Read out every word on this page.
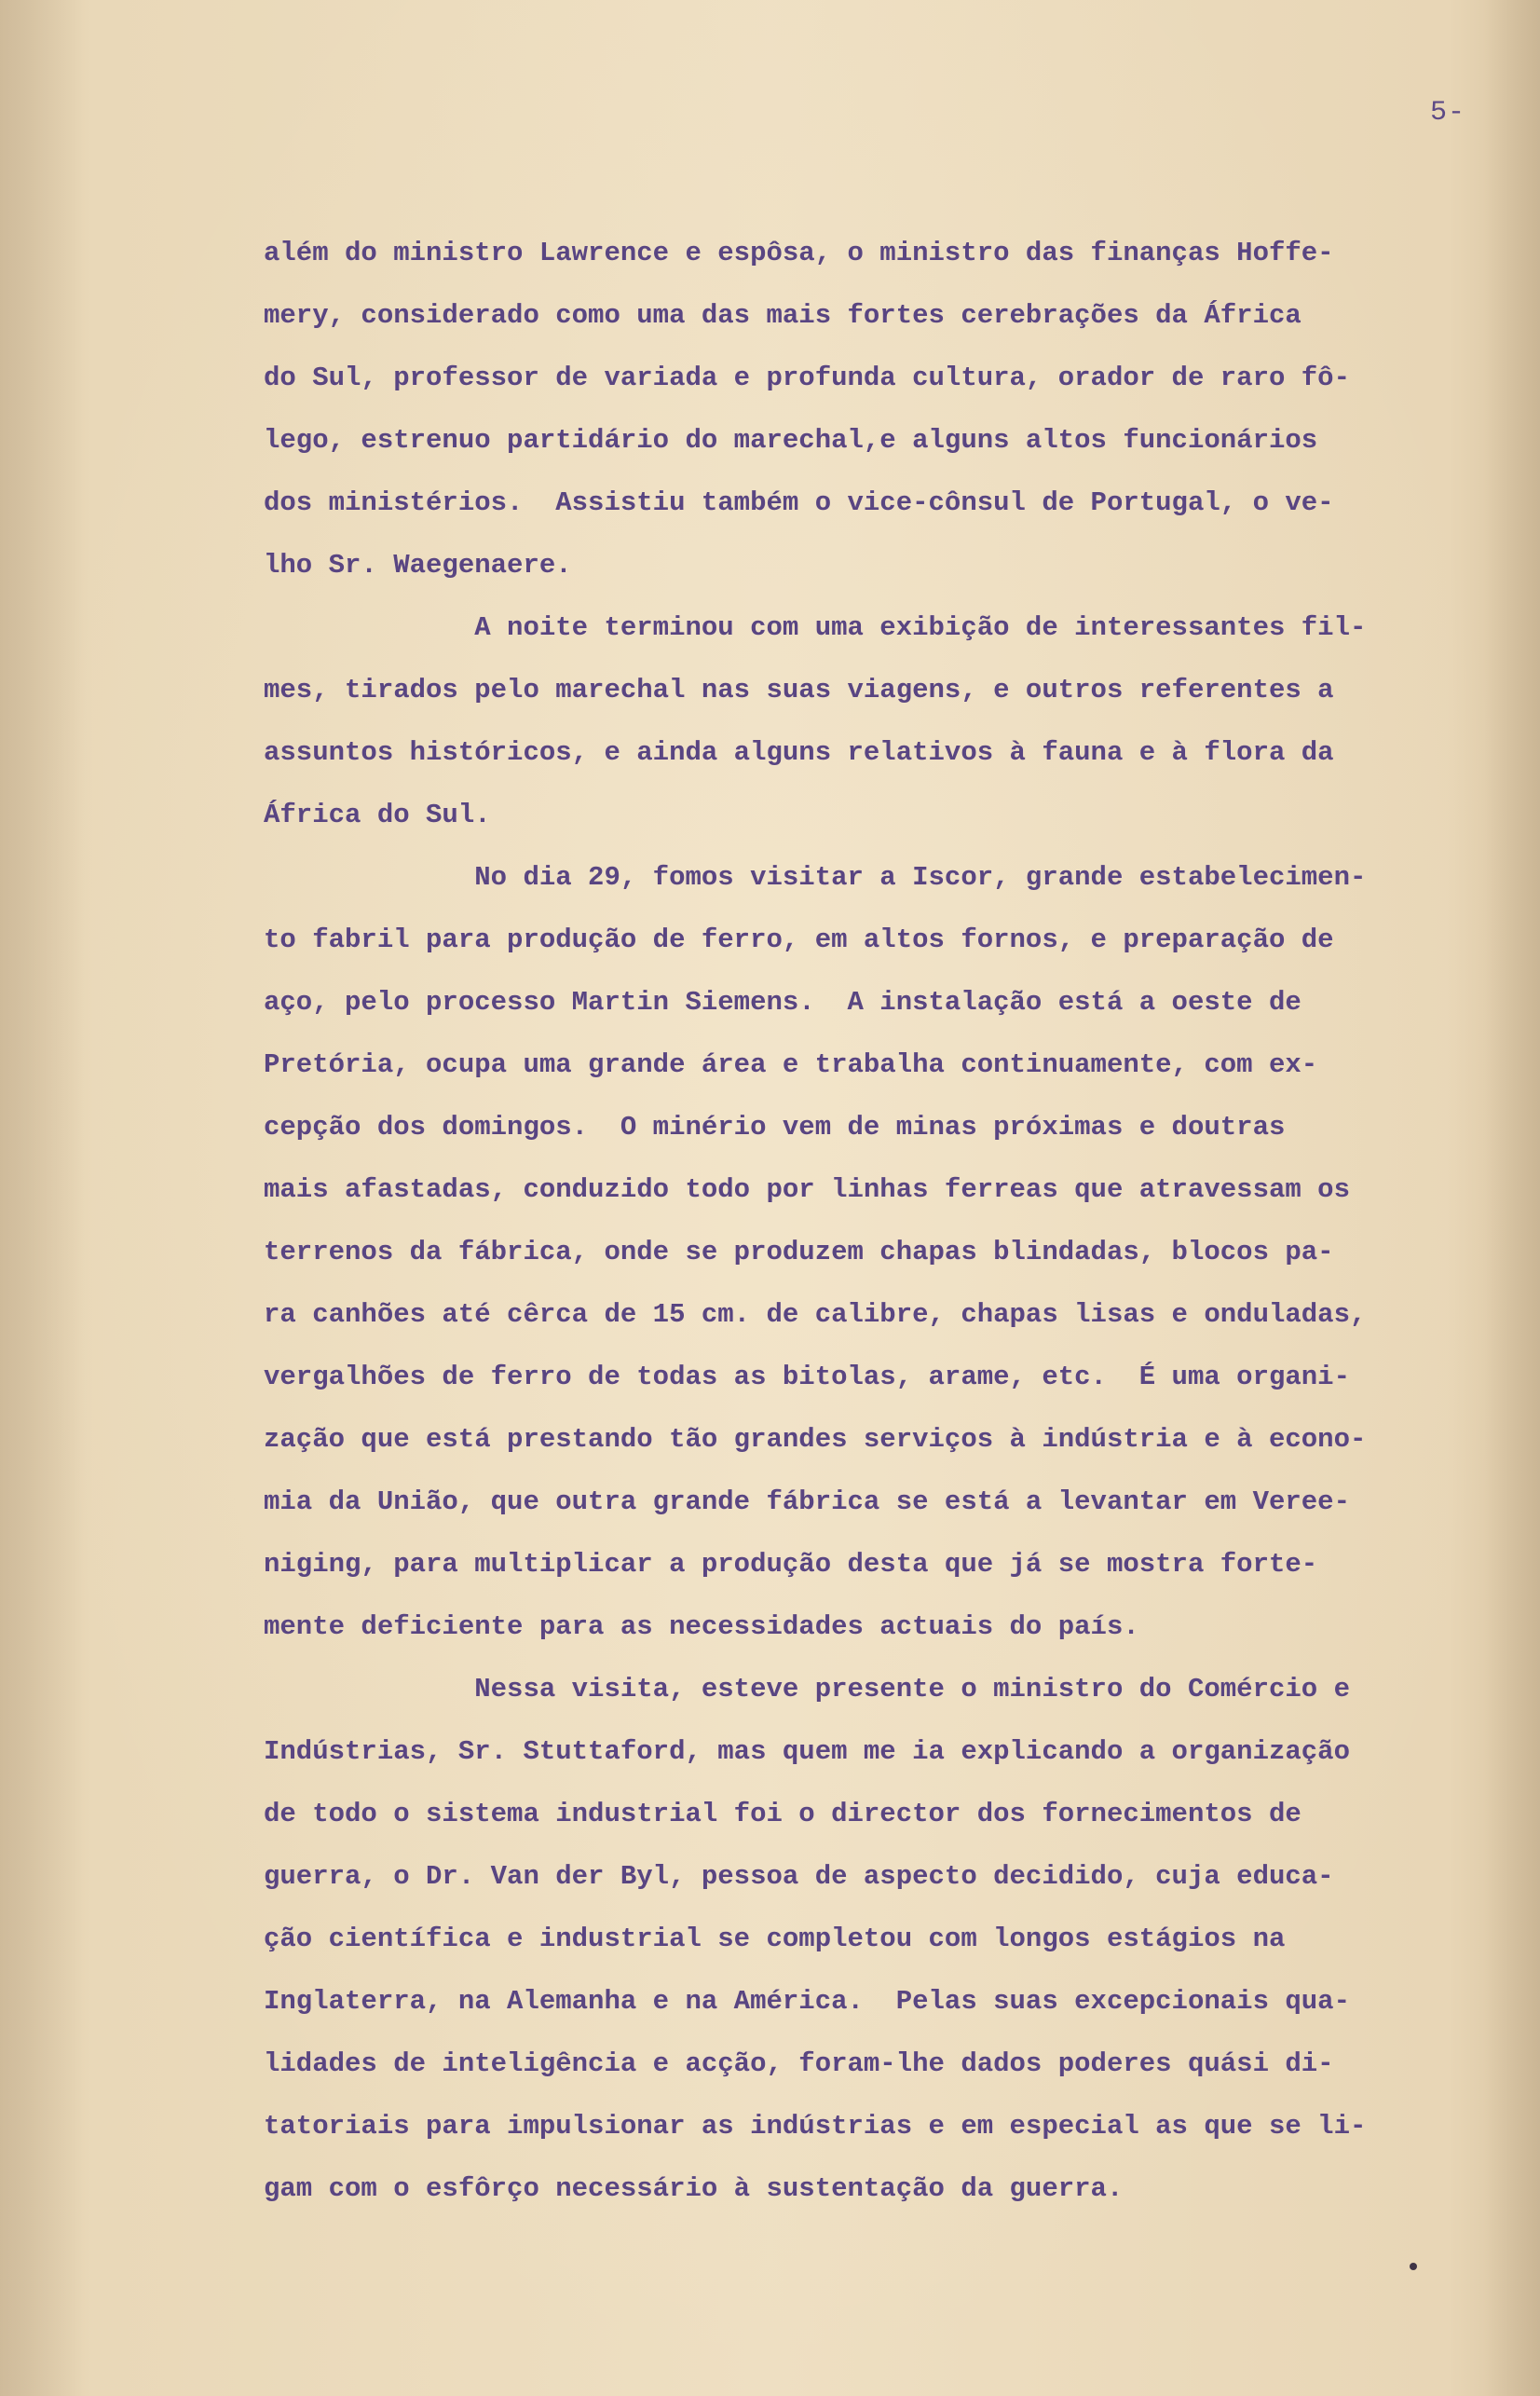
5-
além do ministro Lawrence e espôsa, o ministro das finanças Hoffe-
mery, considerado como uma das mais fortes cerebrações da África
do Sul, professor de variada e profunda cultura, orador de raro fô-
lego, estrenuo partidário do marechal,e alguns altos funcionários
dos ministérios.  Assistiu também o vice-cônsul de Portugal, o ve-
lho Sr. Waegenaere.
A noite terminou com uma exibição de interessantes fil-
mes, tirados pelo marechal nas suas viagens, e outros referentes a
assuntos históricos, e ainda alguns relativos à fauna e à flora da
África do Sul.
No dia 29, fomos visitar a Iscor, grande estabelecimen-
to fabril para produção de ferro, em altos fornos, e preparação de
aço, pelo processo Martin Siemens.  A instalação está a oeste de
Pretória, ocupa uma grande área e trabalha continuamente, com ex-
cepção dos domingos.  O minério vem de minas próximas e doutras
mais afastadas, conduzido todo por linhas ferreas que atravessam os
terrenos da fábrica, onde se produzem chapas blindadas, blocos pa-
ra canhões até cêrca de 15 cm. de calibre, chapas lisas e onduladas,
vergalhões de ferro de todas as bitolas, arame, etc.  É uma organi-
zação que está prestando tão grandes serviços à indústria e à econo-
mia da União, que outra grande fábrica se está a levantar em Veree-
niging, para multiplicar a produção desta que já se mostra forte-
mente deficiente para as necessidades actuais do país.
Nessa visita, esteve presente o ministro do Comércio e
Indústrias, Sr. Stuttaford, mas quem me ia explicando a organização
de todo o sistema industrial foi o director dos fornecimentos de
guerra, o Dr. Van der Byl, pessoa de aspecto decidido, cuja educa-
ção científica e industrial se completou com longos estágios na
Inglaterra, na Alemanha e na América.  Pelas suas excepcionais qua-
lidades de inteligência e acção, foram-lhe dados poderes quási di-
tatoriais para impulsionar as indústrias e em especial as que se li-
gam com o esfôrço necessário à sustentação da guerra.
